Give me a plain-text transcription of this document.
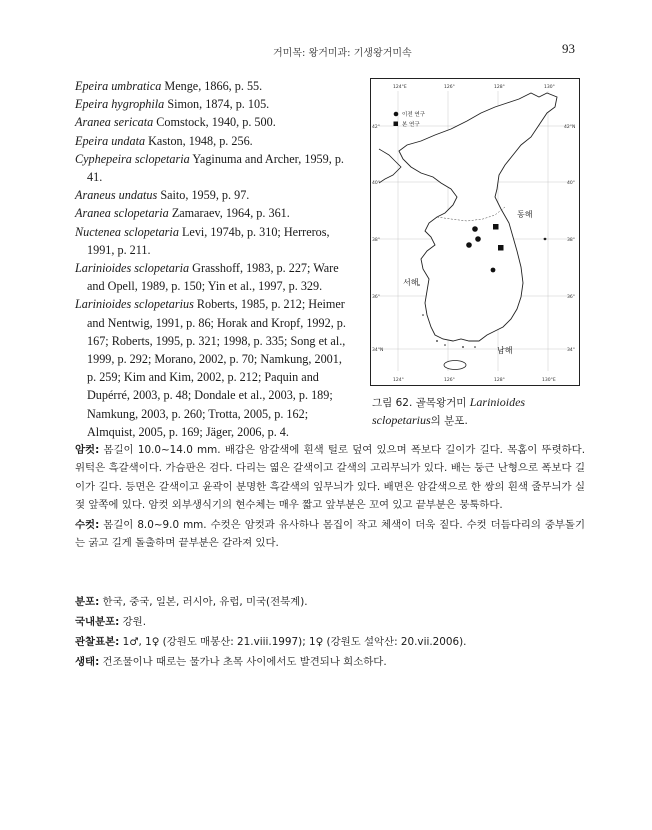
거미목: 왕거미과: 기생왕거미속	93

Epeira umbratica Menge, 1866, p. 55.

Epeira hygrophila Simon, 1874, p. 105.

Aranea sericata Comstock, 1940, p. 500.

Epeira undata Kaston, 1948, p. 256.

Cyphepeira sclopetaria Yaginuma and Archer, 1959, p. 41.

Araneus undatus Saito, 1959, p. 97.

Aranea sclopetaria Zamaraev, 1964, p. 361.

Nuctenea sclopetaria Levi, 1974b, p. 310; Herreros, 1991, p. 211.

Larinioides sclopetaria Grasshoff, 1983, p. 227; Ware and Opell, 1989, p. 150; Yin et al., 1997, p. 329.

Larinioides sclopetarius Roberts, 1985, p. 212; Heimer and Nentwig, 1991, p. 86; Horak and Kropf, 1992, p. 167; Roberts, 1995, p. 321; 1998, p. 335; Song et al., 1999, p. 292; Morano, 2002, p. 70; Namkung, 2001, p. 259; Kim and Kim, 2002, p. 212; Paquin and Dupérré, 2003, p. 48; Dondale et al., 2003, p. 189; Namkung, 2003, p. 260; Trotta, 2005, p. 162; Almquist, 2005, p. 169; Jäger, 2006, p. 4.

124°E	126°	128°	130°
124°	126°	128°	130°E
42°
40°
38°
36°
34°N
42°N
40°
38°
36°
34°
이전 연구
본 연구
동해
서해
남해
그림 62. 골목왕거미 Larinioides sclopetarius의 분포.

암컷: 몸길이 10.0~14.0 mm. 배갑은 암갈색에 흰색 털로 덮여 있으며 폭보다 길이가 길다. 목홈이 뚜렷하다. 위턱은 흑갈색이다. 가슴판은 검다. 다리는 엷은 갈색이고 갈색의 고리무늬가 있다. 배는 둥근 난형으로 폭보다 길이가 길다. 등면은 갈색이고 윤곽이 분명한 흑갈색의 잎무늬가 있다. 배면은 암갈색으로 한 쌍의 흰색 줄무늬가 실젖 앞쪽에 있다. 암컷 외부생식기의 현수체는 매우 짧고 앞부분은 꼬여 있고 끝부분은 뭉툭하다.

수컷: 몸길이 8.0~9.0 mm. 수컷은 암컷과 유사하나 몸집이 작고 체색이 더욱 짙다. 수컷 더듬다리의 중부돌기는 굵고 길게 돌출하며 끝부분은 갈라져 있다.

분포: 한국, 중국, 일본, 러시아, 유럽, 미국(전북계).

국내분포: 강원.

관찰표본: 1♂, 1♀ (강원도 매봉산: 21.viii.1997); 1♀ (강원도 설악산: 20.vii.2006).

생태: 건조물이나 때로는 물가나 초목 사이에서도 발견되나 희소하다.
